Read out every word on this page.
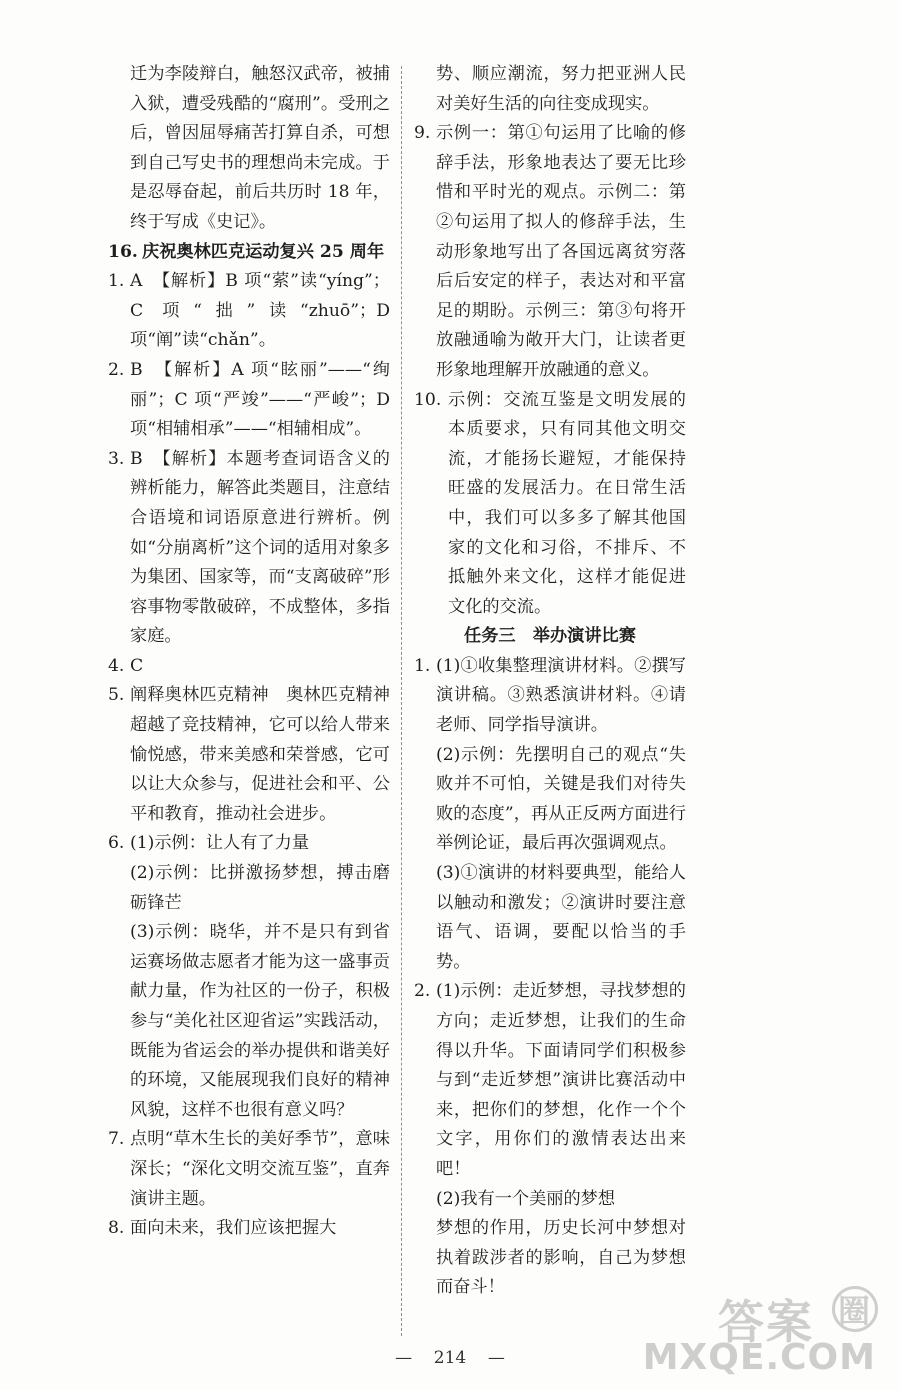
迁为李陵辩白，触怒汉武帝，被捕入狱，遭受残酷的“腐刑”。受刑之后，曾因屈辱痛苦打算自杀，可想到自己写史书的理想尚未完成。于是忍辱奋起，前后共历时 18 年，终于写成《史记》。
16. 庆祝奥林匹克运动复兴 25 周年
1. A　【解析】B 项“萦”读“yíng”；C 项“拙”读“zhuō”；D 项“阐”读“chǎn”。
2. B　【解析】A 项“眩丽”——“绚丽”；C 项“严竣”——“严峻”；D 项“相辅相承”——“相辅相成”。
3. B　【解析】本题考查词语含义的辨析能力，解答此类题目，注意结合语境和词语原意进行辨析。例如“分崩离析”这个词的适用对象多为集团、国家等，而“支离破碎”形容事物零散破碎，不成整体，多指家庭。
4. C
5. 阐释奥林匹克精神　奥林匹克精神超越了竞技精神，它可以给人带来愉悦感，带来美感和荣誉感，它可以让大众参与，促进社会和平、公平和教育，推动社会进步。
6. (1)示例：让人有了力量
(2)示例：比拼激扬梦想，搏击磨砺锋芒
(3)示例：晓华，并不是只有到省运赛场做志愿者才能为这一盛事贡献力量，作为社区的一份子，积极参与“美化社区迎省运”实践活动，既能为省运会的举办提供和谐美好的环境，又能展现我们良好的精神风貌，这样不也很有意义吗？
7. 点明“草木生长的美好季节”，意味深长；“深化文明交流互鉴”，直奔演讲主题。
8. 面向未来，我们应该把握大
势、顺应潮流，努力把亚洲人民对美好生活的向往变成现实。
9. 示例一：第①句运用了比喻的修辞手法，形象地表达了要无比珍惜和平时光的观点。示例二：第②句运用了拟人的修辞手法，生动形象地写出了各国远离贫穷落后后安定的样子，表达对和平富足的期盼。示例三：第③句将开放融通喻为敞开大门，让读者更形象地理解开放融通的意义。
10. 示例：交流互鉴是文明发展的本质要求，只有同其他文明交流，才能扬长避短，才能保持旺盛的发展活力。在日常生活中，我们可以多多了解其他国家的文化和习俗，不排斥、不抵触外来文化，这样才能促进文化的交流。
任务三　举办演讲比赛
1. (1)①收集整理演讲材料。②撰写演讲稿。③熟悉演讲材料。④请老师、同学指导演讲。
(2)示例：先摆明自己的观点“失败并不可怕，关键是我们对待失败的态度”，再从正反两方面进行举例论证，最后再次强调观点。
(3)①演讲的材料要典型，能给人以触动和激发；②演讲时要注意语气、语调，要配以恰当的手势。
2. (1)示例：走近梦想，寻找梦想的方向；走近梦想，让我们的生命得以升华。下面请同学们积极参与到“走近梦想”演讲比赛活动中来，把你们的梦想，化作一个个文字，用你们的激情表达出来吧！
(2)我有一个美丽的梦想
梦想的作用，历史长河中梦想对执着跋涉者的影响，自己为梦想而奋斗！
— 214 —
答案 圈
MXQE.COM
